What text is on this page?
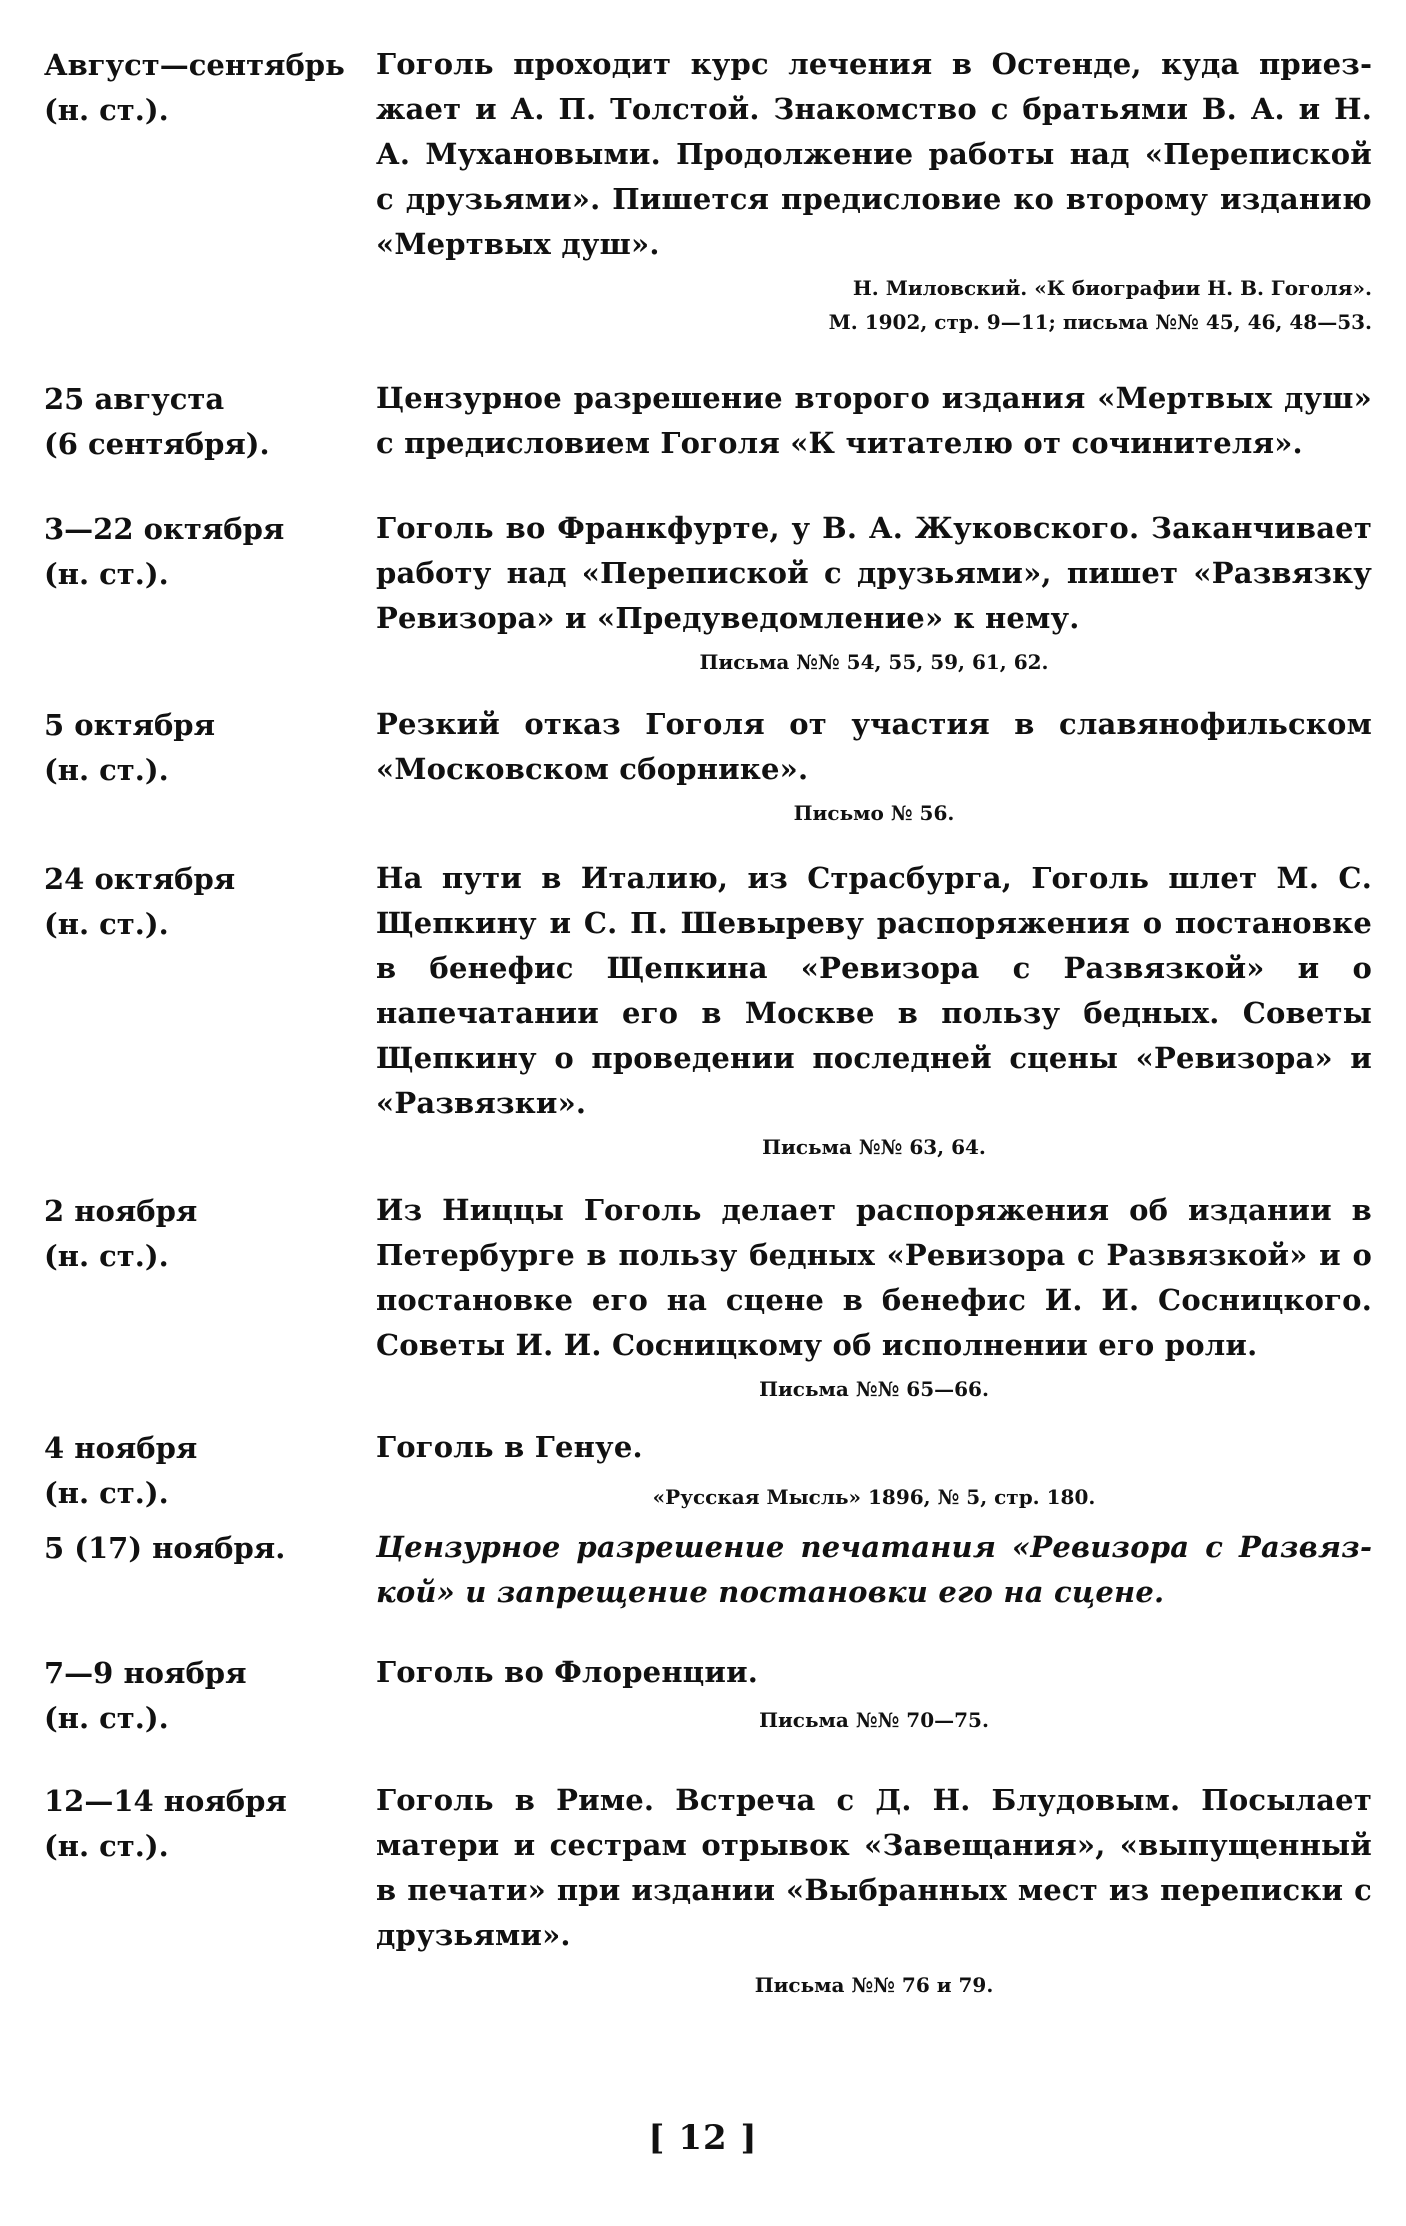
Август—сентябрь
(н. ст.).
Гоголь проходит курс лечения в Остенде, куда приезжает и А. П. Толстой. Знакомство с братьями В. А. и Н. А. Мухановыми. Продолжение работы над «Перепиской с друзьями». Пишется предисловие ко второму изданию «Мертвых душ».
Н. Миловский. «К биографии Н. В. Гоголя».
М. 1902, стр. 9—11; письма №№ 45, 46, 48—53.
25 августа
(6 сентября).
Цензурное разрешение второго издания «Мертвых душ» с предисловием Гоголя «К читателю от сочинителя».
3—22 октября
(н. ст.).
Гоголь во Франкфурте, у В. А. Жуковского. Заканчивает работу над «Перепиской с друзьями», пишет «Развязку Ревизора» и «Предуведомление» к нему.
Письма №№ 54, 55, 59, 61, 62.
5 октября
(н. ст.).
Резкий отказ Гоголя от участия в славянофильском «Московском сборнике».
Письмо № 56.
24 октября
(н. ст.).
На пути в Италию, из Страсбурга, Гоголь шлет М. С. Щепкину и С. П. Шевыреву распоряжения о постановке в бенефис Щепкина «Ревизора с Развязкой» и о напечатании его в Москве в пользу бедных. Советы Щепкину о проведении последней сцены «Ревизора» и «Развязки».
Письма №№ 63, 64.
2 ноября
(н. ст.).
Из Ниццы Гоголь делает распоряжения об издании в Петербурге в пользу бедных «Ревизора с Развязкой» и о постановке его на сцене в бенефис И. И. Сосницкого. Советы И. И. Сосницкому об исполнении его роли.
Письма №№ 65—66.
4 ноября
(н. ст.).
Гоголь в Генуе.
«Русская Мысль» 1896, № 5, стр. 180.
5 (17) ноября.	Цензурное разрешение печатания «Ревизора с Развязкой» и запрещение постановки его на сцене.
7—9 ноября
(н. ст.).
Гоголь во Флоренции.
Письма №№ 70—75.
12—14 ноября
(н. ст.).
Гоголь в Риме. Встреча с Д. Н. Блудовым. Посылает матери и сестрам отрывок «Завещания», «выпущенный в печати» при издании «Выбранных мест из переписки с друзьями».
Письма №№ 76 и 79.
[ 12 ]
